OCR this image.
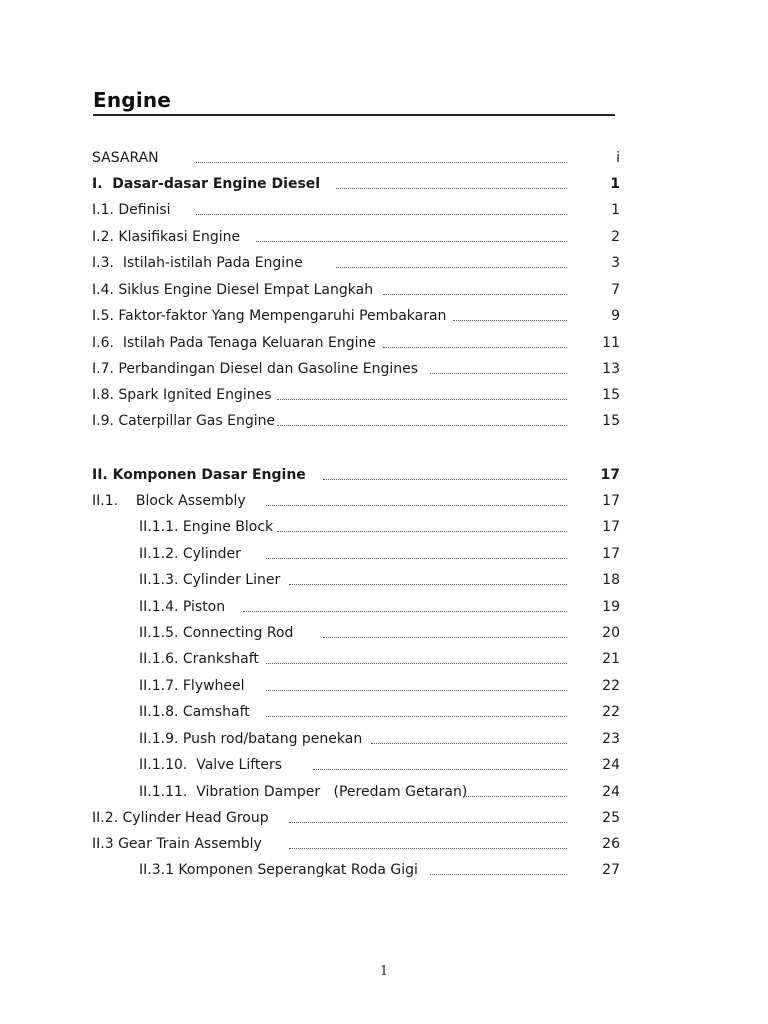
Engine
SASARAN	i
I.  Dasar-dasar Engine Diesel	1
I.1. Definisi	1
I.2. Klasifikasi Engine	2
I.3.  Istilah-istilah Pada Engine	3
I.4. Siklus Engine Diesel Empat Langkah	7
I.5. Faktor-faktor Yang Mempengaruhi Pembakaran	9
I.6.  Istilah Pada Tenaga Keluaran Engine	11
I.7. Perbandingan Diesel dan Gasoline Engines	13
I.8. Spark Ignited Engines	15
I.9. Caterpillar Gas Engine	15
II. Komponen Dasar Engine	17
II.1.    Block Assembly	17
II.1.1. Engine Block	17
II.1.2. Cylinder	17
II.1.3. Cylinder Liner	18
II.1.4. Piston	19
II.1.5. Connecting Rod	20
II.1.6. Crankshaft	21
II.1.7. Flywheel	22
II.1.8. Camshaft	22
II.1.9. Push rod/batang penekan	23
II.1.10.  Valve Lifters	24
II.1.11.  Vibration Damper   (Peredam Getaran)	24
II.2. Cylinder Head Group	25
II.3 Gear Train Assembly	26
II.3.1 Komponen Seperangkat Roda Gigi	27
1
